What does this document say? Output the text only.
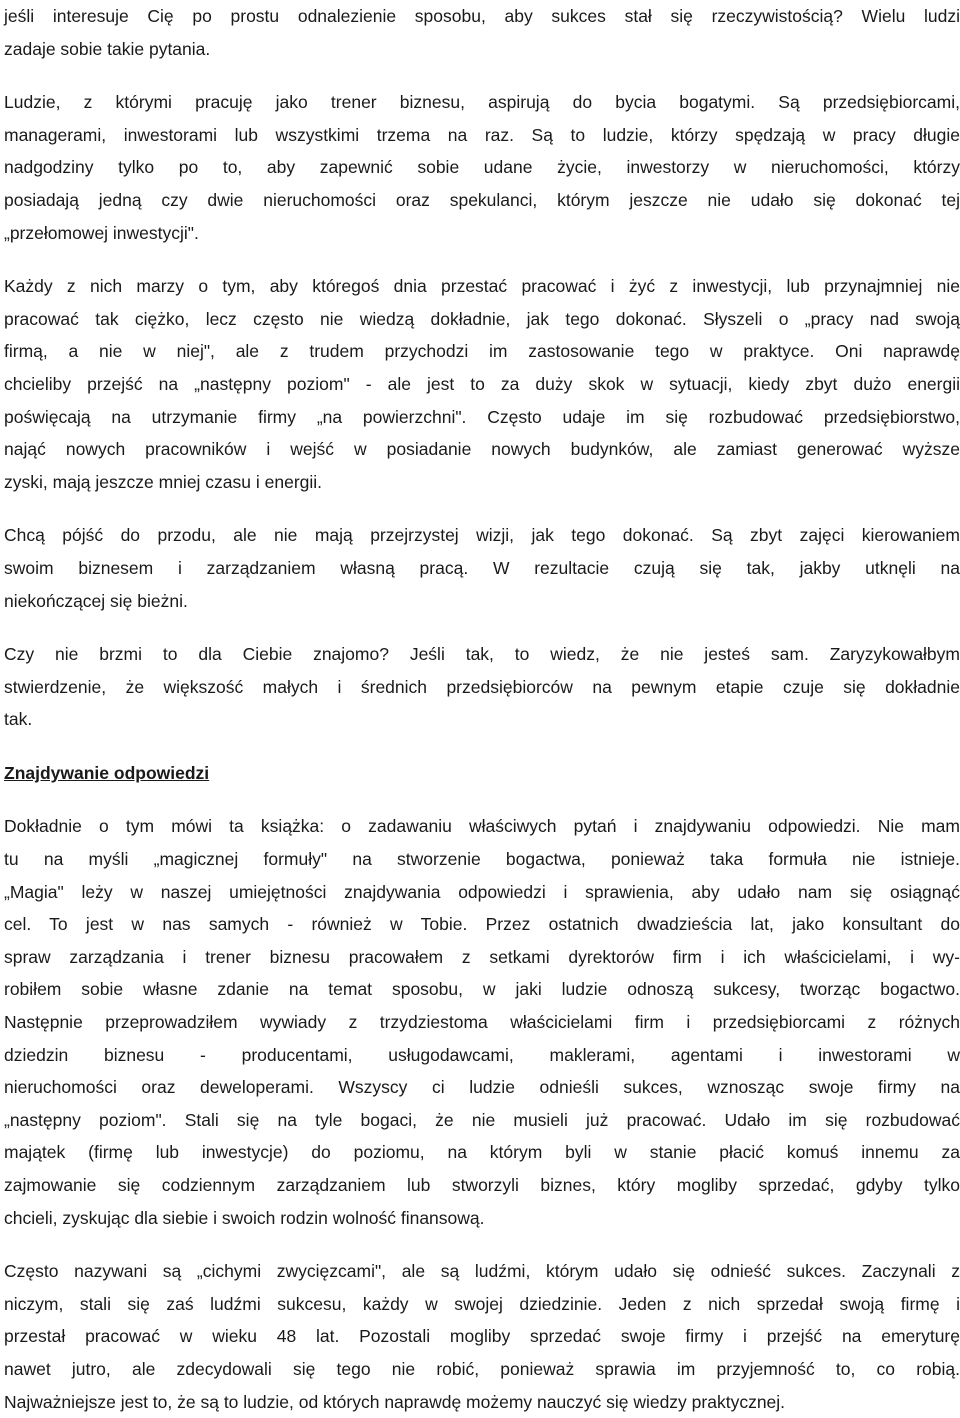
jeśli interesuje Cię po prostu odnalezienie sposobu, aby sukces stał się rzeczywistością? Wielu ludzi
zadaje sobie takie pytania.
Ludzie, z którymi pracuję jako trener biznesu, aspirują do bycia bogatymi. Są przedsiębiorcami,
managerami, inwestorami lub wszystkimi trzema na raz. Są to ludzie, którzy spędzają w pracy długie
nadgodziny tylko po to, aby zapewnić sobie udane życie, inwestorzy w nieruchomości, którzy
posiadają jedną czy dwie nieruchomości oraz spekulanci, którym jeszcze nie udało się dokonać tej
„przełomowej inwestycji".
Każdy z nich marzy o tym, aby któregoś dnia przestać pracować i żyć z inwestycji, lub przynajmniej nie
pracować tak ciężko, lecz często nie wiedzą dokładnie, jak tego dokonać. Słyszeli o „pracy nad swoją
firmą, a nie w niej", ale z trudem przychodzi im zastosowanie tego w praktyce. Oni naprawdę
chcieliby przejść na „następny poziom" - ale jest to za duży skok w sytuacji, kiedy zbyt dużo energii
poświęcają na utrzymanie firmy „na powierzchni". Często udaje im się rozbudować przedsiębiorstwo,
nająć nowych pracowników i wejść w posiadanie nowych budynków, ale zamiast generować wyższe
zyski, mają jeszcze mniej czasu i energii.
Chcą pójść do przodu, ale nie mają przejrzystej wizji, jak tego dokonać. Są zbyt zajęci kierowaniem
swoim biznesem i zarządzaniem własną pracą. W rezultacie czują się tak, jakby utknęli na
niekończącej się bieżni.
Czy nie brzmi to dla Ciebie znajomo? Jeśli tak, to wiedz, że nie jesteś sam. Zaryzykowałbym
stwierdzenie, że większość małych i średnich przedsiębiorców na pewnym etapie czuje się dokładnie
tak.
Znajdywanie odpowiedzi
Dokładnie o tym mówi ta książka: o zadawaniu właściwych pytań i znajdywaniu odpowiedzi. Nie mam
tu na myśli „magicznej formuły" na stworzenie bogactwa, ponieważ taka formuła nie istnieje.
„Magia" leży w naszej umiejętności znajdywania odpowiedzi i sprawienia, aby udało nam się osiągnąć
cel. To jest w nas samych - również w Tobie. Przez ostatnich dwadzieścia lat, jako konsultant do
spraw zarządzania i trener biznesu pracowałem z setkami dyrektorów firm i ich właścicielami, i wy-
robiłem sobie własne zdanie na temat sposobu, w jaki ludzie odnoszą sukcesy, tworząc bogactwo.
Następnie przeprowadziłem wywiady z trzydziestoma właścicielami firm i przedsiębiorcami z różnych
dziedzin biznesu - producentami, usługodawcami, maklerami, agentami i inwestorami w
nieruchomości oraz deweloperami. Wszyscy ci ludzie odnieśli sukces, wznosząc swoje firmy na
„następny poziom". Stali się na tyle bogaci, że nie musieli już pracować. Udało im się rozbudować
majątek (firmę lub inwestycje) do poziomu, na którym byli w stanie płacić komuś innemu za
zajmowanie się codziennym zarządzaniem lub stworzyli biznes, który mogliby sprzedać, gdyby tylko
chcieli, zyskując dla siebie i swoich rodzin wolność finansową.
Często nazywani są „cichymi zwycięzcami", ale są ludźmi, którym udało się odnieść sukces. Zaczynali z
niczym, stali się zaś ludźmi sukcesu, każdy w swojej dziedzinie. Jeden z nich sprzedał swoją firmę i
przestał pracować w wieku 48 lat. Pozostali mogliby sprzedać swoje firmy i przejść na emeryturę
nawet jutro, ale zdecydowali się tego nie robić, ponieważ sprawia im przyjemność to, co robią.
Najważniejsze jest to, że są to ludzie, od których naprawdę możemy nauczyć się wiedzy praktycznej.
